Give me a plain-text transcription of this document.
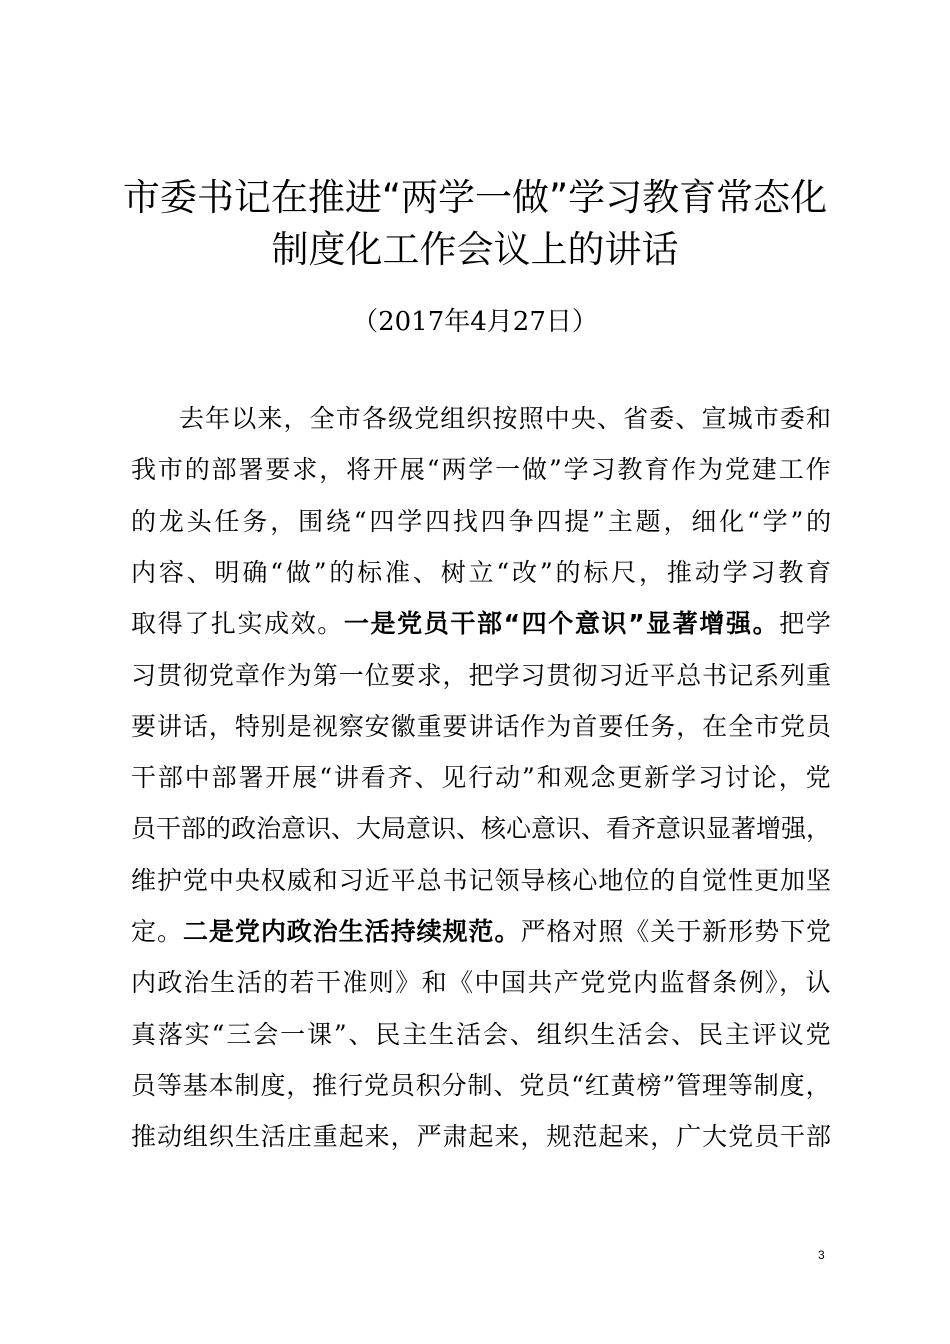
市委书记在推进“两学一做”学习教育常态化
制度化工作会议上的讲话
（2017年4月27日）
去年以来，全市各级党组织按照中央、省委、宣城市委和
我市的部署要求，将开展“两学一做”学习教育作为党建工作
的龙头任务，围绕“四学四找四争四提”主题，细化“学”的
内容、明确“做”的标准、树立“改”的标尺，推动学习教育
取得了扎实成效。一是党员干部“四个意识”显著增强。把学
习贯彻党章作为第一位要求，把学习贯彻习近平总书记系列重
要讲话，特别是视察安徽重要讲话作为首要任务，在全市党员
干部中部署开展“讲看齐、见行动”和观念更新学习讨论，党
员干部的政治意识、大局意识、核心意识、看齐意识显著增强，
维护党中央权威和习近平总书记领导核心地位的自觉性更加坚
定。二是党内政治生活持续规范。严格对照《关于新形势下党
内政治生活的若干准则》和《中国共产党党内监督条例》，认
真落实“三会一课”、民主生活会、组织生活会、民主评议党
员等基本制度，推行党员积分制、党员“红黄榜”管理等制度，
推动组织生活庄重起来，严肃起来，规范起来，广大党员干部
3
